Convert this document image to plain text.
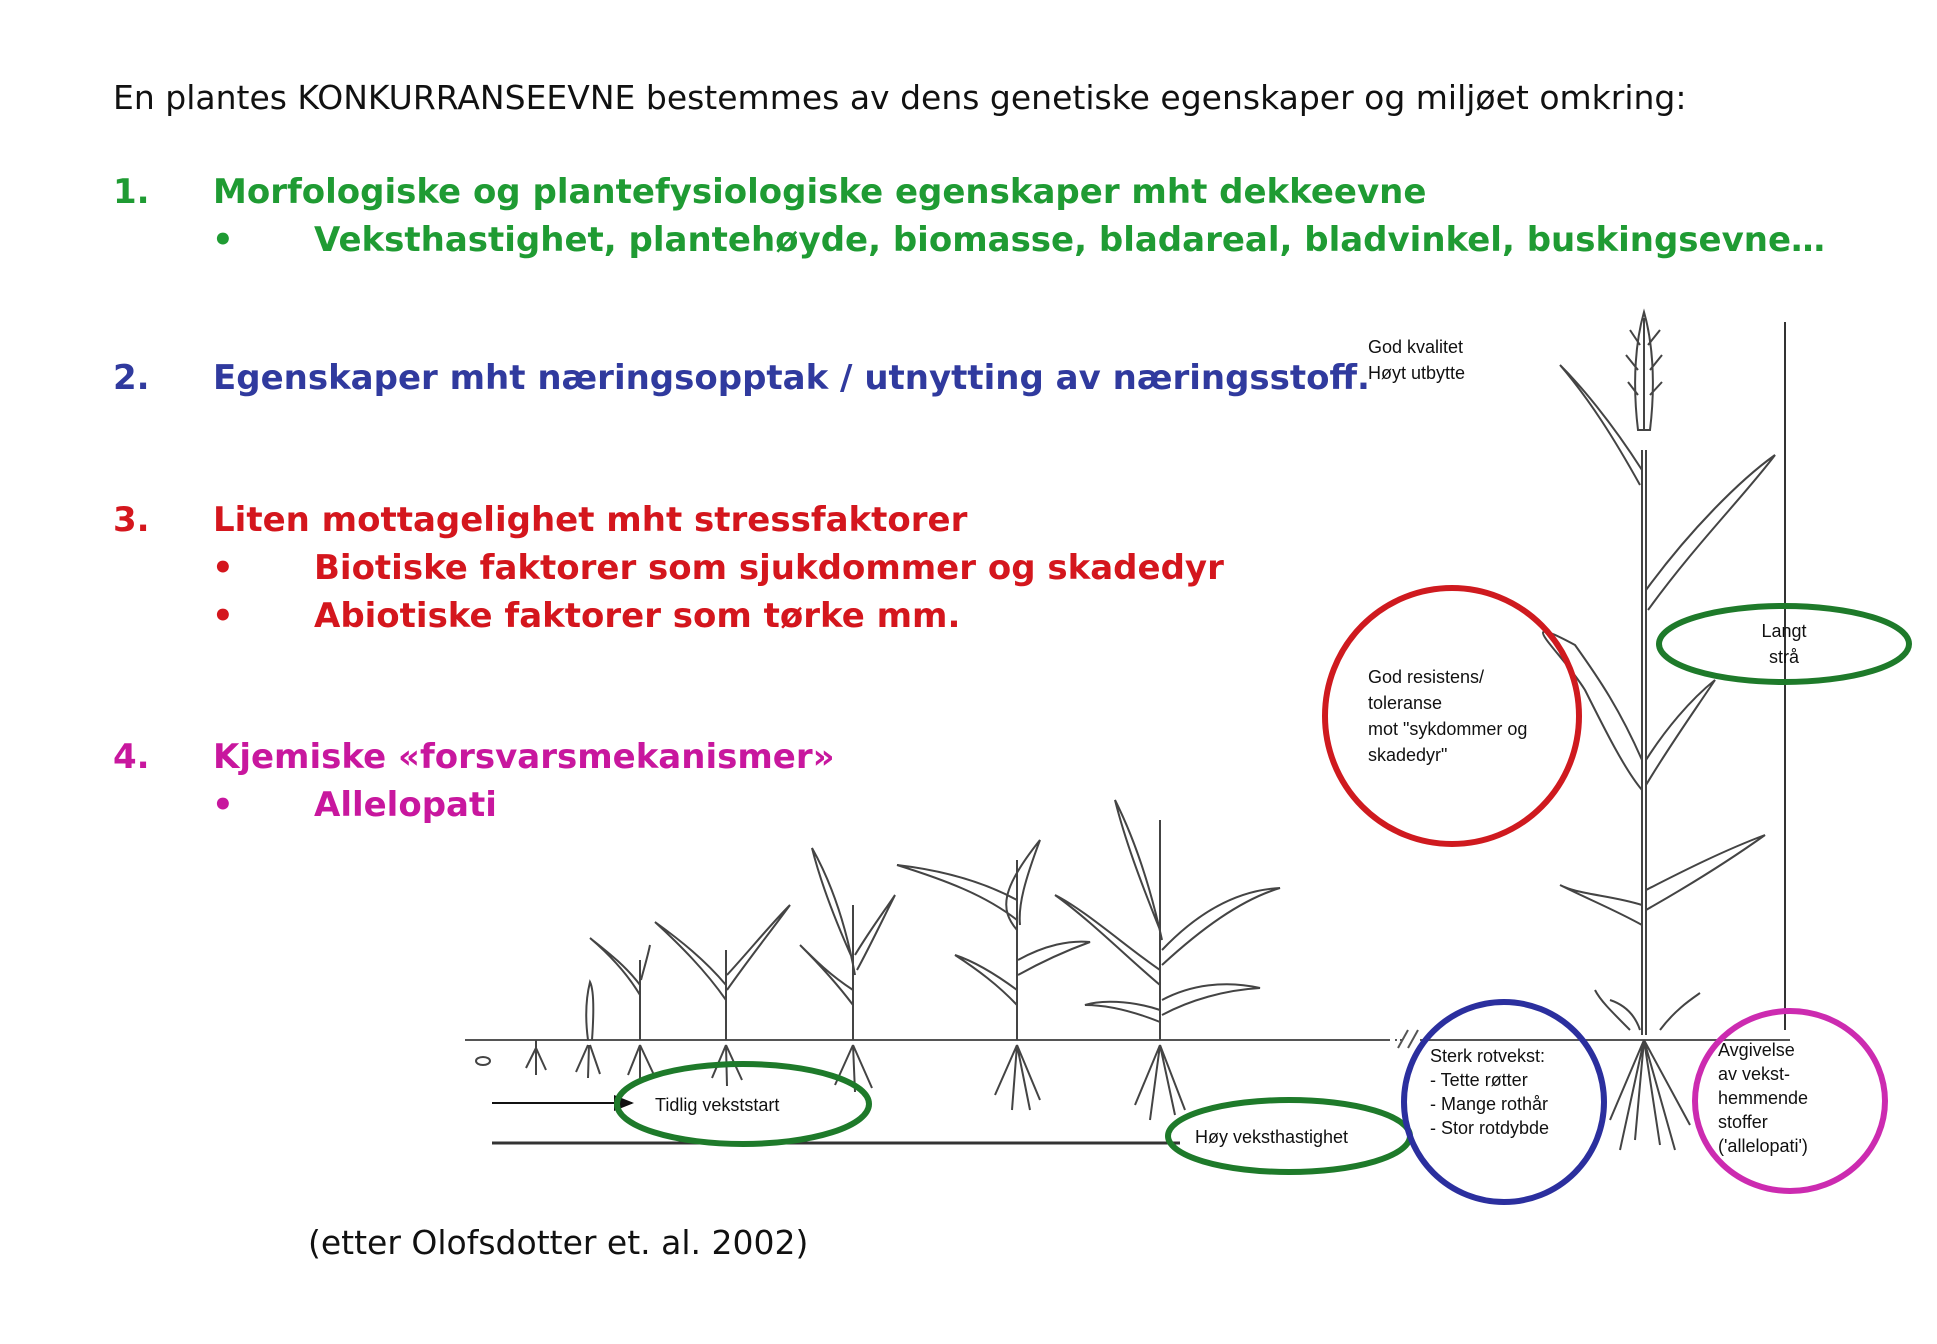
En plantes KONKURRANSEEVNE bestemmes av dens genetiske egenskaper og miljøet omkring:
1. Morfologiske og plantefysiologiske egenskaper mht dekkeevne
• Veksthastighet, plantehøyde, biomasse, bladareal, bladvinkel, buskingsevne…
2. Egenskaper mht næringsopptak / utnytting av næringsstoff.
3. Liten mottagelighet mht stressfaktorer
• Biotiske faktorer som sjukdommer og skadedyr
• Abiotiske faktorer som tørke mm.
4. Kjemiske «forsvarsmekanismer»
• Allelopati
God kvalitet
Høyt utbytte
God resistens/
toleranse
mot "sykdommer og
skadedyr"
Langt
strå
Tidlig vekststart
Høy veksthastighet
Sterk rotvekst:
- Tette røtter
- Mange rothår
- Stor rotdybde
Avgivelse
av vekst-
hemmende
stoffer
('allelopati')
(etter Olofsdotter et. al. 2002)
